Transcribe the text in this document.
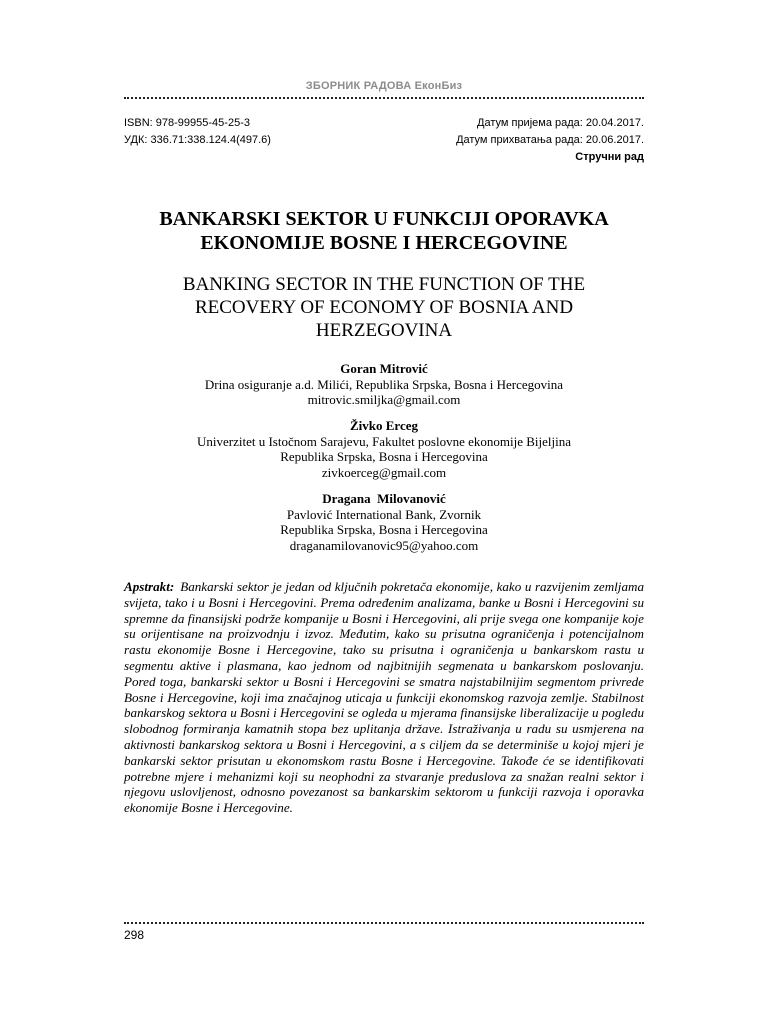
ЗБОРНИК РАДОВА ЕконБиз
ISBN: 978-99955-45-25-3
УДК: 336.71:338.124.4(497.6)
Датум пријема рада: 20.04.2017.
Датум прихватања рада: 20.06.2017.
Стручни рад
BANKARSKI SEKTOR U FUNKCIJI OPORAVKA
EKONOMIJE BOSNE I HERCEGOVINE
BANKING SECTOR IN THE FUNCTION OF THE
RECOVERY OF ECONOMY OF BOSNIA AND
HERZEGOVINA
Goran Mitrović
Drina osiguranje a.d. Milići, Republika Srpska, Bosna i Hercegovina
mitrovic.smiljka@gmail.com
Živko Erceg
Univerzitet u Istočnom Sarajevu, Fakultet poslovne ekonomije Bijeljina
Republika Srpska, Bosna i Hercegovina
zivkoerceg@gmail.com
Dragana  Milovanović
Pavlović International Bank, Zvornik
Republika Srpska, Bosna i Hercegovina
draganamilovanovic95@yahoo.com
Apstrakt: Bankarski sektor je jedan od ključnih pokretača ekonomije, kako u razvijenim zemljama svijeta, tako i u Bosni i Hercegovini. Prema određenim analizama, banke u Bosni i Hercegovini su spremne da finansijski podrže kompanije u Bosni i Hercegovini, ali prije svega one kompanije koje su orijentisane na proizvodnju i izvoz. Međutim, kako su prisutna ograničenja i potencijalnom rastu ekonomije Bosne i Hercegovine, tako su prisutna i ograničenja u bankarskom rastu u segmentu aktive i plasmana, kao jednom od najbitnijih segmenata u bankarskom poslovanju. Pored toga, bankarski sektor u Bosni i Hercegovini se smatra najstabilnijim segmentom privrede Bosne i Hercegovine, koji ima značajnog uticaja u funkciji ekonomskog razvoja zemlje. Stabilnost bankarskog sektora u Bosni i Hercegovini se ogleda u mjerama finansijske liberalizacije u pogledu slobodnog formiranja kamatnih stopa bez uplitanja države. Istraživanja u radu su usmjerena na aktivnosti bankarskog sektora u Bosni i Hercegovini, a s ciljem da se determiniše u kojoj mjeri je bankarski sektor prisutan u ekonomskom rastu Bosne i Hercegovine. Takođe će se identifikovati potrebne mjere i mehanizmi koji su neophodni za stvaranje preduslova za snažan realni sektor i njegovu uslovljenost, odnosno povezanost sa bankarskim sektorom u funkciji razvoja i oporavka ekonomije Bosne i Hercegovine.
298
